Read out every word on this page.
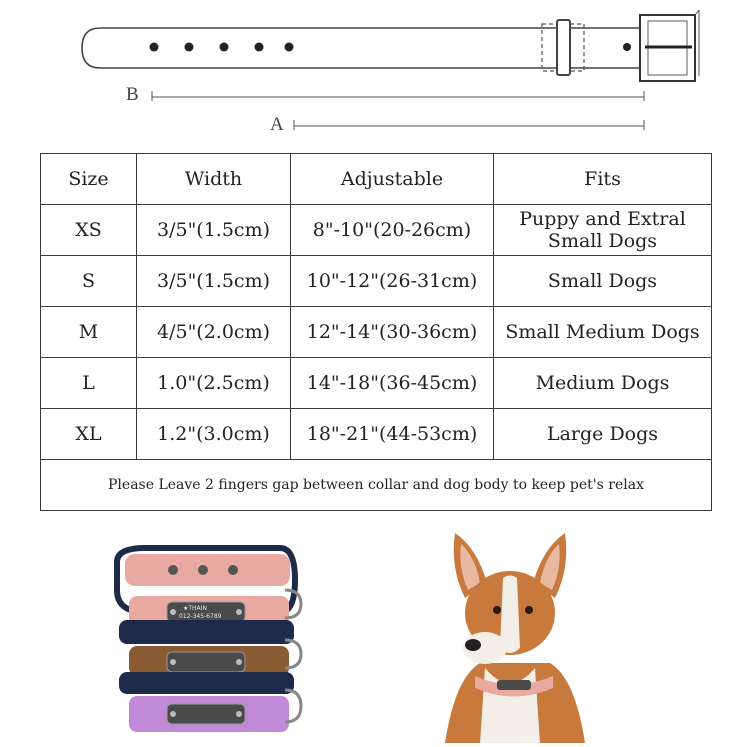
B
A
Size	Width	Adjustable	Fits
XS	3/5"(1.5cm)	8"-10"(20-26cm)	Puppy and Extral
Small Dogs

S	3/5"(1.5cm)	10"-12"(26-31cm)	Small Dogs
M	4/5"(2.0cm)	12"-14"(30-36cm)	Small Medium Dogs
L	1.0"(2.5cm)	14"-18"(36-45cm)	Medium Dogs
XL	1.2"(3.0cm)	18"-21"(44-53cm)	Large Dogs
Please Leave 2 fingers gap between collar and dog body to keep pet's relax			
★THAIN
012-345-6789
